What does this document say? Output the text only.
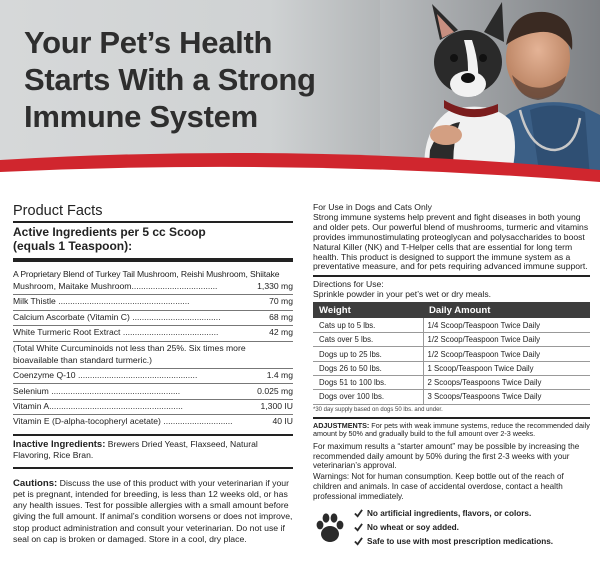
Your Pet’s Health
Starts With a Strong
Immune System
Product Facts
Active Ingredients per 5 cc Scoop
(equals 1 Teaspoon):
A Proprietary Blend of Turkey Tail Mushroom, Reishi Mushroom, Shiitake
Mushroom, Maitake Mushroom....................................	1,330 mg
Milk Thistle .......................................................	70 mg
Calcium Ascorbate (Vitamin C) .....................................	68 mg
White Turmeric Root Extract ........................................	42 mg
(Total White Curcuminoids not less than 25%. Six times more
bioavailable than standard turmeric.)
Coenzyme Q-10 ..................................................	1.4 mg
Selenium ......................................................	0.025 mg
Vitamin A........................................................	1,300 IU
Vitamin E (D-alpha-tocopheryl acetate) .............................	40 IU
Inactive Ingredients: Brewers Dried Yeast, Flaxseed, Natural Flavoring, Rice Bran.
Cautions: Discuss the use of this product with your veterinarian if your pet is pregnant, intended for breeding, is less than 12 weeks old, or has any health issues. Test for possible allergies with a small amount before giving the full amount. If animal’s condition worsens or does not improve, stop product administration and consult your veterinarian. Do not use if seal on cap is broken or damaged. Store in a cool, dry place.
For Use in Dogs and Cats Only
Strong immune systems help prevent and fight diseases in both young and older pets. Our powerful blend of mushrooms, turmeric and vitamins provides immunostimulating proteoglycan and polysaccharides to boost Natural Killer (NK) and T-Helper cells that are essential for long term health. This product is designed to support the immune system as a preventative measure, and for pets requiring advanced immune support.
Directions for Use:
Sprinkle powder in your pet’s wet or dry meals.
Weight	Daily Amount
Cats up to 5 lbs.	1/4 Scoop/Teaspoon Twice Daily
Cats over 5 lbs.	1/2 Scoop/Teaspoon Twice Daily
Dogs up to 25 lbs.	1/2 Scoop/Teaspoon Twice Daily
Dogs 26 to 50 lbs.	1 Scoop/Teaspoon Twice Daily
Dogs 51 to 100 lbs.	2 Scoops/Teaspoons Twice Daily
Dogs over 100 lbs.	3 Scoops/Teaspoons Twice Daily
*30 day supply based on dogs 50 lbs. and under.
ADJUSTMENTS: For pets with weak immune systems, reduce the recommended daily amount by 50% and gradually build to the full amount over 2-3 weeks.
For maximum results a “starter amount” may be possible by increasing the recommended daily amount by 50% during the first 2-3 weeks with your veterinarian’s approval.
Warnings: Not for human consumption. Keep bottle out of the reach of children and animals. In case of accidental overdose, contact a health professional immediately.
No artificial ingredients, flavors, or colors.
No wheat or soy added.
Safe to use with most prescription medications.
